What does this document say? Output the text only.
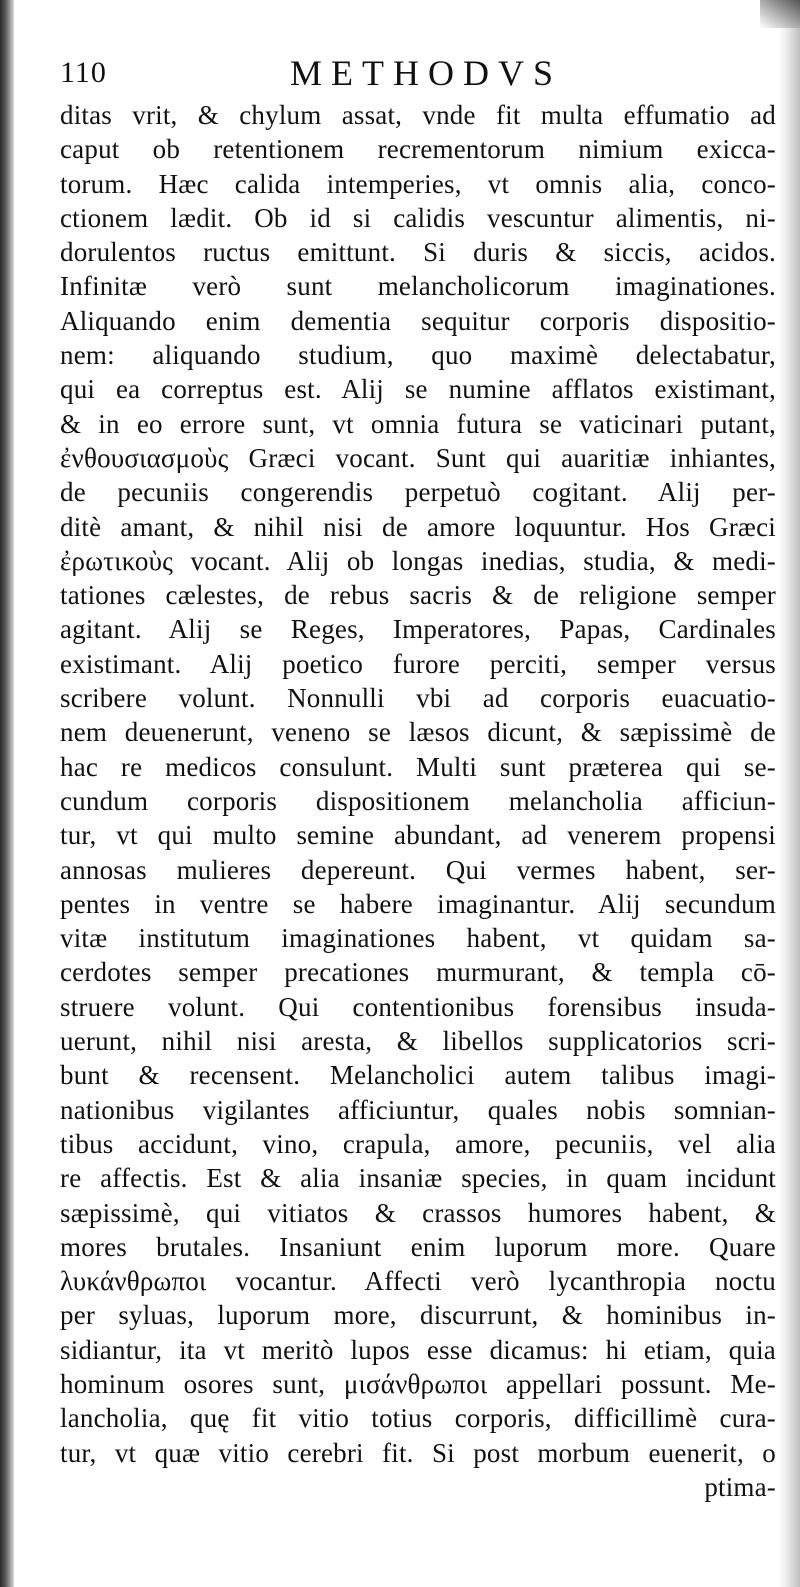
110	METHODVS
ditas vrit, & chylum assat, vnde fit multa effumatio ad
caput ob retentionem recrementorum nimium exicca-
torum. Hæc calida intemperies, vt omnis alia, conco-
ctionem lædit. Ob id si calidis vescuntur alimentis, ni-
dorulentos ructus emittunt. Si duris & siccis, acidos.
Infinitæ verò sunt melancholicorum imaginationes.
Aliquando enim dementia sequitur corporis dispositio-
nem: aliquando studium, quo maximè delectabatur,
qui ea correptus est. Alij se numine afflatos existimant,
& in eo errore sunt, vt omnia futura se vaticinari putant,
ἐνθουσιασμοὺς Græci vocant. Sunt qui auaritiæ inhiantes,
de pecuniis congerendis perpetuò cogitant. Alij per-
ditè amant, & nihil nisi de amore loquuntur. Hos Græci
ἐρωτικοὺς vocant. Alij ob longas inedias, studia, & medi-
tationes cælestes, de rebus sacris & de religione semper
agitant. Alij se Reges, Imperatores, Papas, Cardinales
existimant. Alij poetico furore perciti, semper versus
scribere volunt. Nonnulli vbi ad corporis euacuatio-
nem deuenerunt, veneno se læsos dicunt, & sæpissimè de
hac re medicos consulunt. Multi sunt præterea qui se-
cundum corporis dispositionem melancholia afficiun-
tur, vt qui multo semine abundant, ad venerem propensi
annosas mulieres depereunt. Qui vermes habent, ser-
pentes in ventre se habere imaginantur. Alij secundum
vitæ institutum imaginationes habent, vt quidam sa-
cerdotes semper precationes murmurant, & templa cō-
struere volunt. Qui contentionibus forensibus insuda-
uerunt, nihil nisi aresta, & libellos supplicatorios scri-
bunt & recensent. Melancholici autem talibus imagi-
nationibus vigilantes afficiuntur, quales nobis somnian-
tibus accidunt, vino, crapula, amore, pecuniis, vel alia
re affectis. Est & alia insaniæ species, in quam incidunt
sæpissimè, qui vitiatos & crassos humores habent, &
mores brutales. Insaniunt enim luporum more. Quare
λυκάνθρωποι vocantur. Affecti verò lycanthropia noctu
per syluas, luporum more, discurrunt, & hominibus in-
sidiantur, ita vt meritò lupos esse dicamus: hi etiam, quia
hominum osores sunt, μισάνθρωποι appellari possunt. Me-
lancholia, quę fit vitio totius corporis, difficillimè cura-
tur, vt quæ vitio cerebri fit. Si post morbum euenerit, o
ptima-
